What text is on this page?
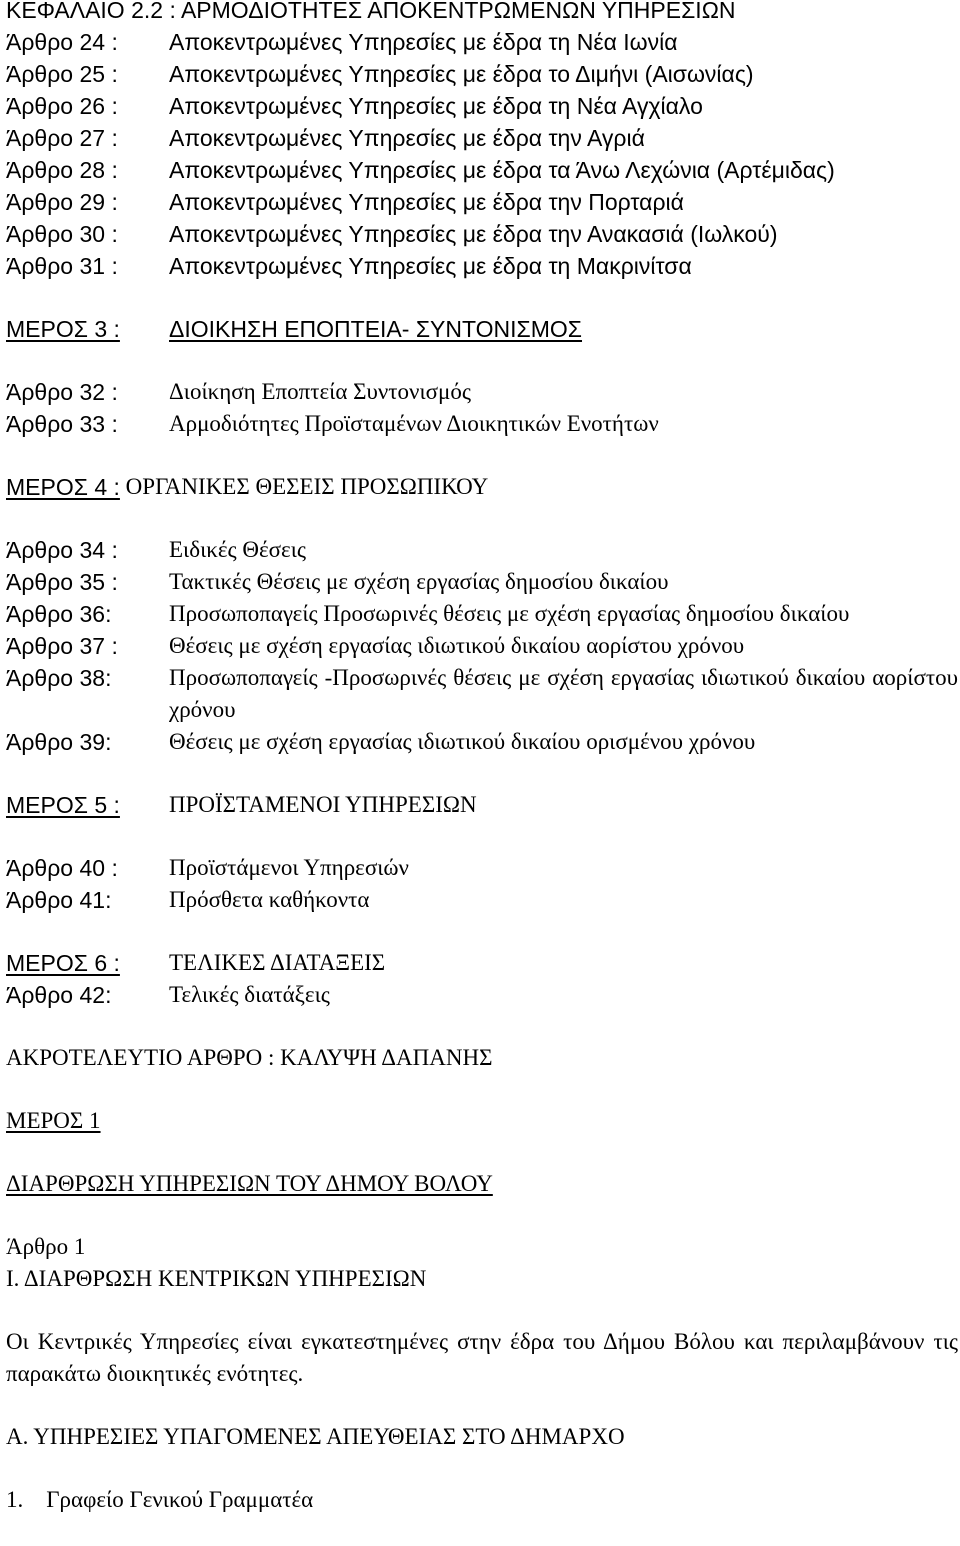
ΚΕΦΑΛΑΙΟ 2.2 : ΑΡΜΟΔΙΟΤΗΤΕΣ ΑΠΟΚΕΝΤΡΩΜΕΝΩΝ ΥΠΗΡΕΣΙΩΝ
Άρθρο 24 :	Αποκεντρωμένες Υπηρεσίες με έδρα τη Νέα Ιωνία
Άρθρο 25 :	Αποκεντρωμένες Υπηρεσίες με έδρα το Διμήνι (Αισωνίας)
Άρθρο 26 :	Αποκεντρωμένες Υπηρεσίες με έδρα τη Νέα Αγχίαλο
Άρθρο 27 :	Αποκεντρωμένες Υπηρεσίες με έδρα την Αγριά
Άρθρο 28 :	Αποκεντρωμένες Υπηρεσίες με έδρα τα Άνω Λεχώνια (Αρτέμιδας)
Άρθρο 29 :	Αποκεντρωμένες Υπηρεσίες με έδρα την Πορταριά
Άρθρο 30 :	Αποκεντρωμένες Υπηρεσίες με έδρα την Ανακασιά (Ιωλκού)
Άρθρο 31 :	Αποκεντρωμένες Υπηρεσίες με έδρα τη Μακρινίτσα
ΜΕΡΟΣ 3 :	ΔΙΟΙΚΗΣΗ ΕΠΟΠΤΕΙΑ- ΣΥΝΤΟΝΙΣΜΟΣ
Άρθρο 32 :	Διοίκηση Εποπτεία Συντονισμός
Άρθρο 33 :	Αρμοδιότητες Προϊσταμένων Διοικητικών Ενοτήτων
ΜΕΡΟΣ 4 :
ΟΡΓΑΝΙΚΕΣ ΘΕΣΕΙΣ ΠΡΟΣΩΠΙΚΟΥ
Άρθρο 34 :	Ειδικές Θέσεις
Άρθρο 35 :	Τακτικές Θέσεις με σχέση εργασίας δημοσίου δικαίου
Άρθρο 36:	Προσωποπαγείς Προσωρινές θέσεις με σχέση εργασίας δημοσίου δικαίου
Άρθρο 37 :	Θέσεις με σχέση εργασίας ιδιωτικού δικαίου αορίστου χρόνου
Άρθρο 38:	Προσωποπαγείς -Προσωρινές θέσεις με σχέση εργασίας ιδιωτικού δικαίου αορίστου χρόνου
Άρθρο 39:	Θέσεις με σχέση εργασίας ιδιωτικού δικαίου ορισμένου χρόνου
ΜΕΡΟΣ 5 :	ΠΡΟΪΣΤΑΜΕΝΟΙ ΥΠΗΡΕΣΙΩΝ
Άρθρο 40 :	Προϊστάμενοι Υπηρεσιών
Άρθρο 41:	Πρόσθετα καθήκοντα
ΜΕΡΟΣ 6 :	ΤΕΛΙΚΕΣ ΔΙΑΤΑΞΕΙΣ
Άρθρο 42:	Τελικές διατάξεις
ΑΚΡΟΤΕΛΕΥΤΙΟ ΑΡΘΡΟ : ΚΑΛΥΨΗ ΔΑΠΑΝΗΣ
ΜΕΡΟΣ 1
ΔΙΑΡΘΡΩΣΗ ΥΠΗΡΕΣΙΩΝ ΤΟΥ ΔΗΜΟΥ ΒΟΛΟΥ
Άρθρο 1
Ι. ΔΙΑΡΘΡΩΣΗ ΚΕΝΤΡΙΚΩΝ ΥΠΗΡΕΣΙΩΝ

Οι Κεντρικές Υπηρεσίες είναι εγκατεστημένες στην έδρα του Δήμου Βόλου και περιλαμβάνουν τις παρακάτω διοικητικές ενότητες.

Α. ΥΠΗΡΕΣΙΕΣ ΥΠΑΓΟΜΕΝΕΣ ΑΠΕΥΘΕΙΑΣ ΣΤΟ ΔΗΜΑΡΧΟ
1.    Γραφείο Γενικού Γραμματέα
